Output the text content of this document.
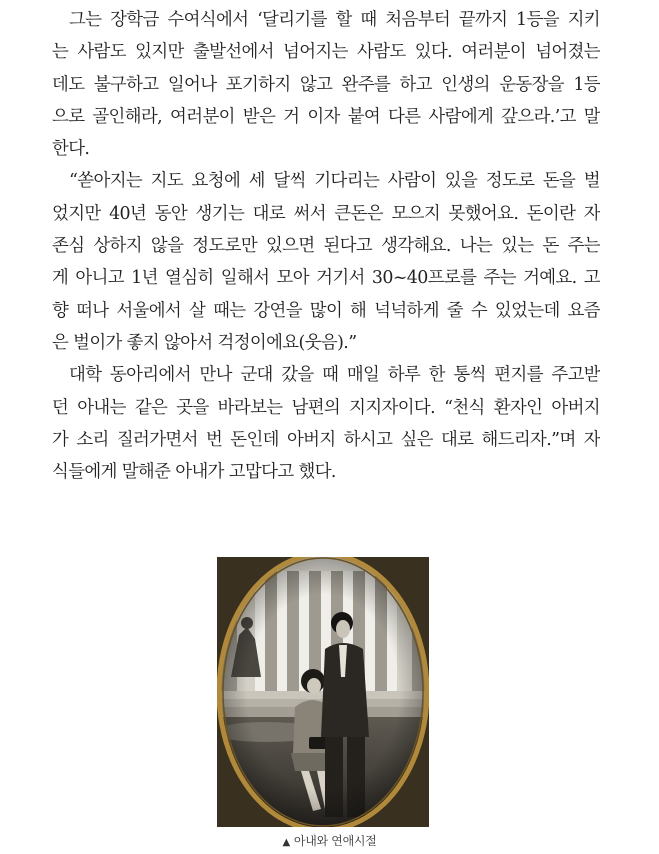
그는 장학금 수여식에서 ‘달리기를 할 때 처음부터 끝까지 1등을 지키
는 사람도 있지만 출발선에서 넘어지는 사람도 있다. 여러분이 넘어졌는
데도 불구하고 일어나 포기하지 않고 완주를 하고 인생의 운동장을 1등
으로 골인해라, 여러분이 받은 거 이자 붙여 다른 사람에게 갚으라.’고 말
한다.
“쏟아지는 지도 요청에 세 달씩 기다리는 사람이 있을 정도로 돈을 벌
었지만 40년 동안 생기는 대로 써서 큰돈은 모으지 못했어요. 돈이란 자
존심 상하지 않을 정도로만 있으면 된다고 생각해요. 나는 있는 돈 주는
게 아니고 1년 열심히 일해서 모아 거기서 30~40프로를 주는 거예요. 고
향 떠나 서울에서 살 때는 강연을 많이 해 넉넉하게 줄 수 있었는데 요즘
은 벌이가 좋지 않아서 걱정이에요(웃음).”
대학 동아리에서 만나 군대 갔을 때 매일 하루 한 통씩 편지를 주고받
던 아내는 같은 곳을 바라보는 남편의 지지자이다. “천식 환자인 아버지
가 소리 질러가면서 번 돈인데 아버지 하시고 싶은 대로 해드리자.”며 자
식들에게 말해준 아내가 고맙다고 했다.
▲ 아내와 연애시절
